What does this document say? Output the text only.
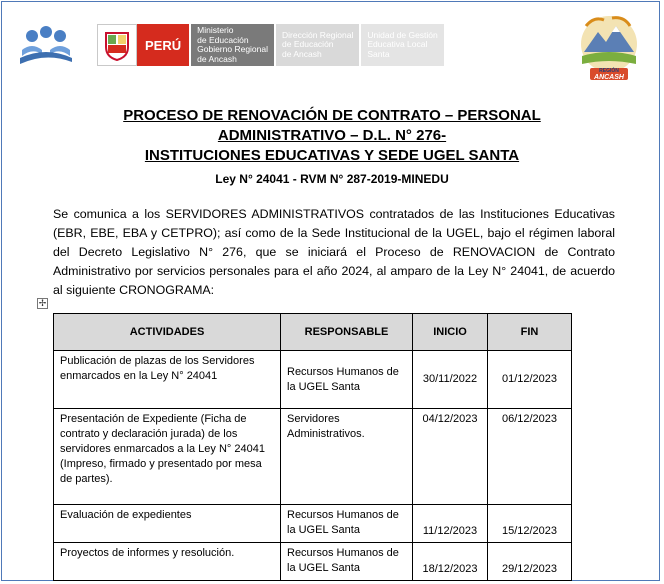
PERÚ
Ministerio
de Educación
Gobierno Regional
de Ancash
Dirección Regional
de Educación
de Ancash
Unidad de Gestión
Educativa Local
Santa
REGIÓN
ANCASH
PROCESO DE RENOVACIÓN DE CONTRATO – PERSONAL
ADMINISTRATIVO – D.L. N° 276-
INSTITUCIONES EDUCATIVAS Y SEDE UGEL SANTA
Ley N° 24041 - RVM N° 287-2019-MINEDU
Se comunica a los SERVIDORES ADMINISTRATIVOS contratados de las Instituciones Educativas (EBR, EBE, EBA y CETPRO); así como de la Sede Institucional de la UGEL, bajo el régimen laboral del Decreto Legislativo N° 276, que se iniciará el Proceso de RENOVACION de Contrato Administrativo por servicios personales para el año 2024, al amparo de la Ley N° 24041, de acuerdo al siguiente CRONOGRAMA:
✢
ACTIVIDADES	RESPONSABLE	INICIO	FIN
Publicación de plazas de los Servidores enmarcados en la Ley N° 24041	Recursos Humanos de la UGEL Santa	30/11/2022	01/12/2023
Presentación de Expediente (Ficha de contrato y declaración jurada) de los servidores enmarcados a la Ley N° 24041 (Impreso, firmado y presentado por mesa de partes).	Servidores Administrativos.	04/12/2023	06/12/2023
Evaluación de expedientes	Recursos Humanos de la UGEL Santa	11/12/2023	15/12/2023
Proyectos de informes y resolución.	Recursos Humanos de la UGEL Santa	18/12/2023	29/12/2023
